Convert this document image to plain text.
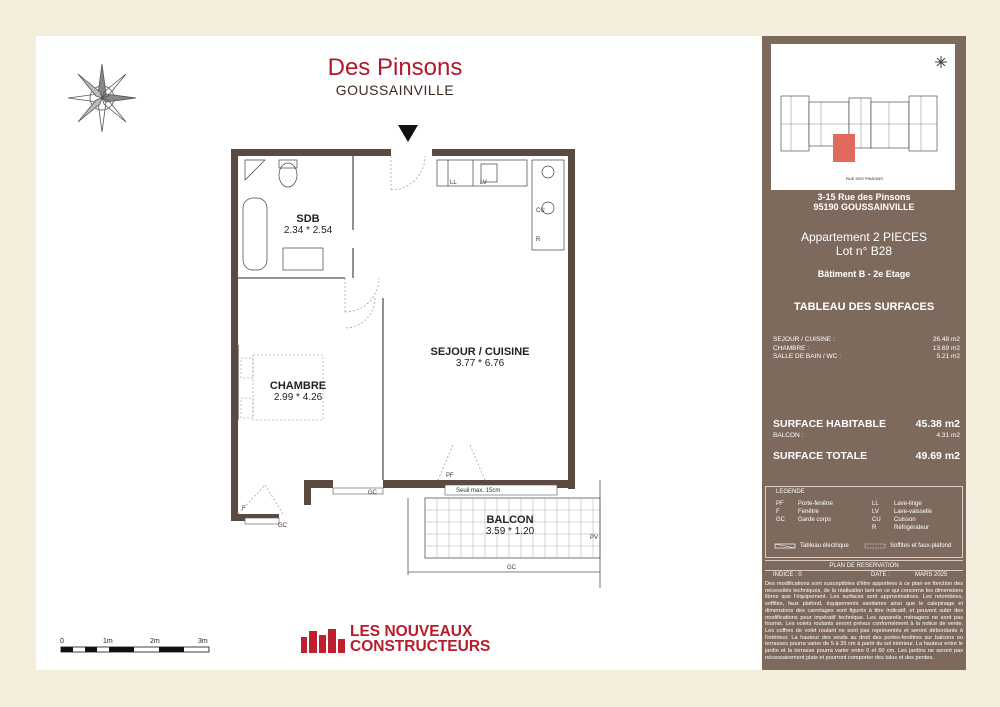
Des Pinsons
GOUSSAINVILLE
SDB
2.34 * 2.54
SEJOUR / CUISINE
3.77 * 6.76
CHAMBRE
2.99 * 4.26
BALCON
3.59 * 1.20
LL	LV
CU
R
PF
F
GC
GC
GC
PV
Seuil max. 15cm
0	1m	2m	3m
LES NOUVEAUX
CONSTRUCTEURS
RUE DES PINSONS
3-15 Rue des Pinsons
95190 GOUSSAINVILLE
Appartement 2 PIECES
Lot n° B28
Bâtiment B - 2e Etage
TABLEAU DES SURFACES
SEJOUR / CUISINE :	26.48 m2
CHAMBRE :	13.69 m2
SALLE DE BAIN / WC :	5.21 m2
SURFACE HABITABLE	45.38 m2
BALCON :	4.31 m2
SURFACE TOTALE	49.69 m2
LEGENDE
PF Porte-fenêtre
F	Fenêtre
GC Garde corps
LL	Lave-linge
LV	Lave-vaisselle
CU Cuisson
R	Réfrigérateur
Tableau électrique	Soffites et faux-plafond
PLAN DE RESERVATION
INDICE : 0	DATE :	MARS 2025
Des modifications sont susceptibles d'être apportées à ce plan en fonction des nécessités techniques, de la réalisation tant en ce qui concerne les dimensions libres que l'équipement. Les surfaces sont approximatives. Les retombées, soffites, faux plafond, équipements sanitaires ainsi que le calepinage et dimensions des carrelages sont figurés à titre indicatif, et peuvent subir des modifications pour impératif technique. Les appareils ménagers ne sont pas fournis. Les volets roulants seront prévus conformément à la notice de vente. Les coffres de volet roulant ne sont pas représentés et seront débordants à l'intérieur. La hauteur des seuils au droit des portes-fenêtres sur balcons ou terrasses pourra varier de 5 à 35 cm à partir du sol intérieur. La hauteur entre le jardin et la terrasse pourra varier entre 0 et 60 cm. Les jardins ne seront pas nécessairement plats et pourront comporter des talus et des pentes.
